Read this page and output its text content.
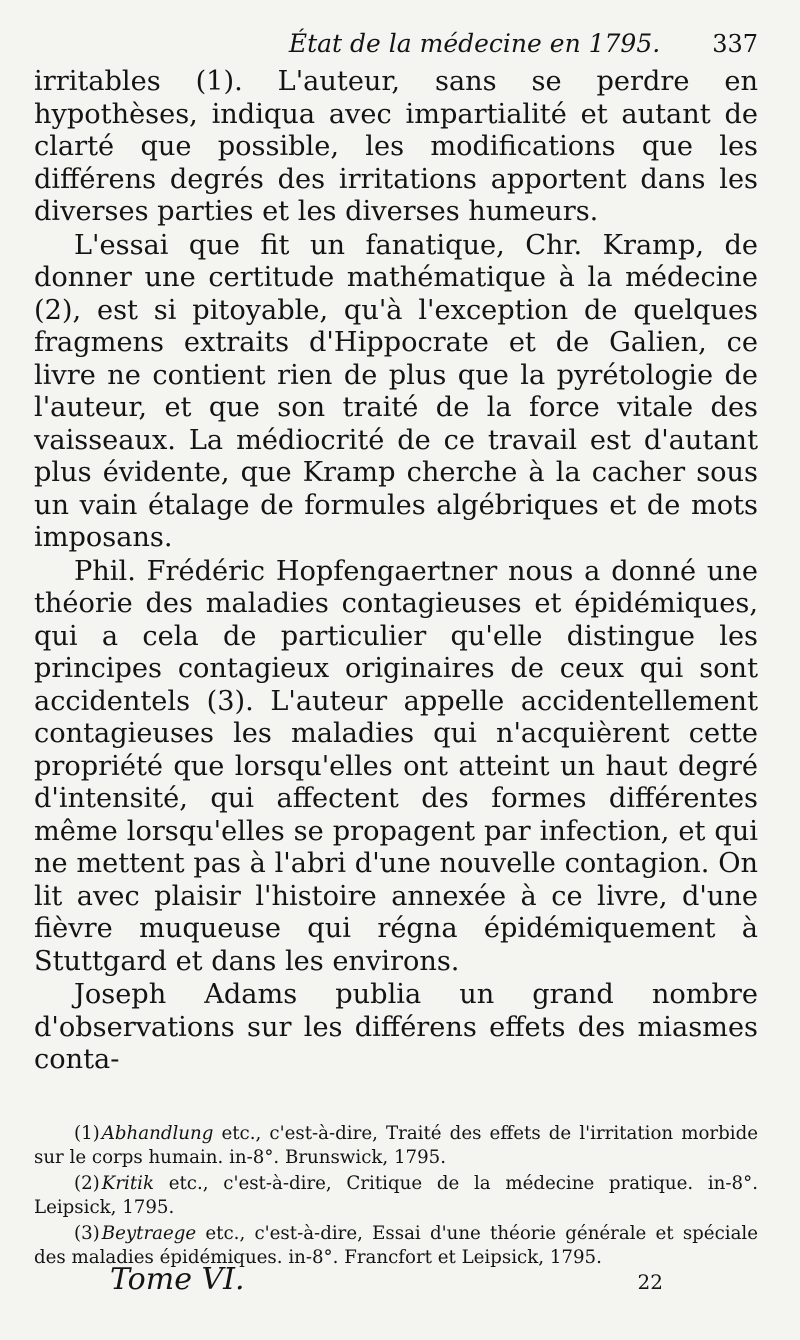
État de la médecine en 1795. 337

irritables (1). L'auteur, sans se perdre en hypothèses, indiqua avec impartialité et autant de clarté que possible, les modifications que les différens degrés des irritations apportent dans les diverses parties et les diverses humeurs.

L'essai que fit un fanatique, Chr. Kramp, de donner une certitude mathématique à la médecine (2), est si pitoyable, qu'à l'exception de quelques fragmens extraits d'Hippocrate et de Galien, ce livre ne contient rien de plus que la pyrétologie de l'auteur, et que son traité de la force vitale des vaisseaux. La médiocrité de ce travail est d'autant plus évidente, que Kramp cherche à la cacher sous un vain étalage de formules algébriques et de mots imposans.

Phil. Frédéric Hopfengaertner nous a donné une théorie des maladies contagieuses et épidémiques, qui a cela de particulier qu'elle distingue les principes contagieux originaires de ceux qui sont accidentels (3). L'auteur appelle accidentellement contagieuses les maladies qui n'acquièrent cette propriété que lorsqu'elles ont atteint un haut degré d'intensité, qui affectent des formes différentes même lorsqu'elles se propagent par infection, et qui ne mettent pas à l'abri d'une nouvelle contagion. On lit avec plaisir l'histoire annexée à ce livre, d'une fièvre muqueuse qui régna épidémiquement à Stuttgard et dans les environs.

Joseph Adams publia un grand nombre d'observations sur les différens effets des miasmes conta-

(1) Abhandlung etc., c'est-à-dire, Traité des effets de l'irritation morbide sur le corps humain. in-8°. Brunswick, 1795.

(2) Kritik etc., c'est-à-dire, Critique de la médecine pratique. in-8°. Leipsick, 1795.

(3) Beytraege etc., c'est-à-dire, Essai d'une théorie générale et spéciale des maladies épidémiques. in-8°. Francfort et Leipsick, 1795.

Tome VI.	22
